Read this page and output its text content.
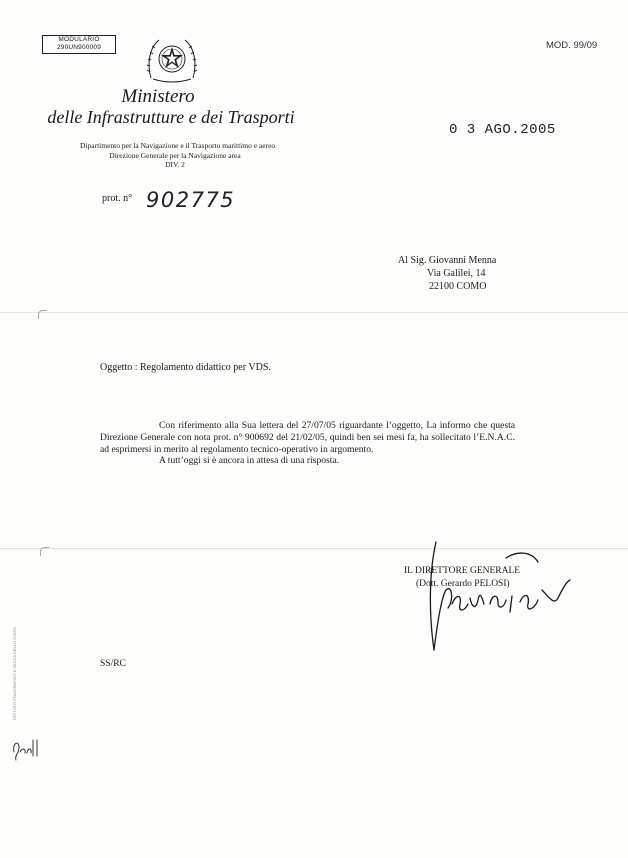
MODULARIO
290UN900009	MOD. 99/09
Ministero
delle Infrastrutture e dei Trasporti
Dipartimento per la Navigazione e il Trasporto marittimo e aereo
Direzione Generale per la Navigazione area
DIV. 2
0 3 AGO.2005
prot. n° 902775
Al Sig. Giovanni Menna
Via Galilei, 14
22100 COMO
Oggetto : Regolamento didattico per VDS.

Con riferimento alla Sua lettera del 27/07/05 riguardante l’oggetto, La informo che questa Direzione Generale con nota prot. n° 900692 del 21/02/05, quindi ben sei mesi fa, ha sollecitato l’E.N.A.C. ad esprimersi in merito al regolamento tecnico-operativo in argomento.

A tutt’oggi si è ancora in attesa di una risposta.

IL DIRETTORE GENERALE
(Dott. Gerardo PELOSI)
SS/RC
ISTITUTO POLIGRAFICO E ZECCA DELLO STATO
